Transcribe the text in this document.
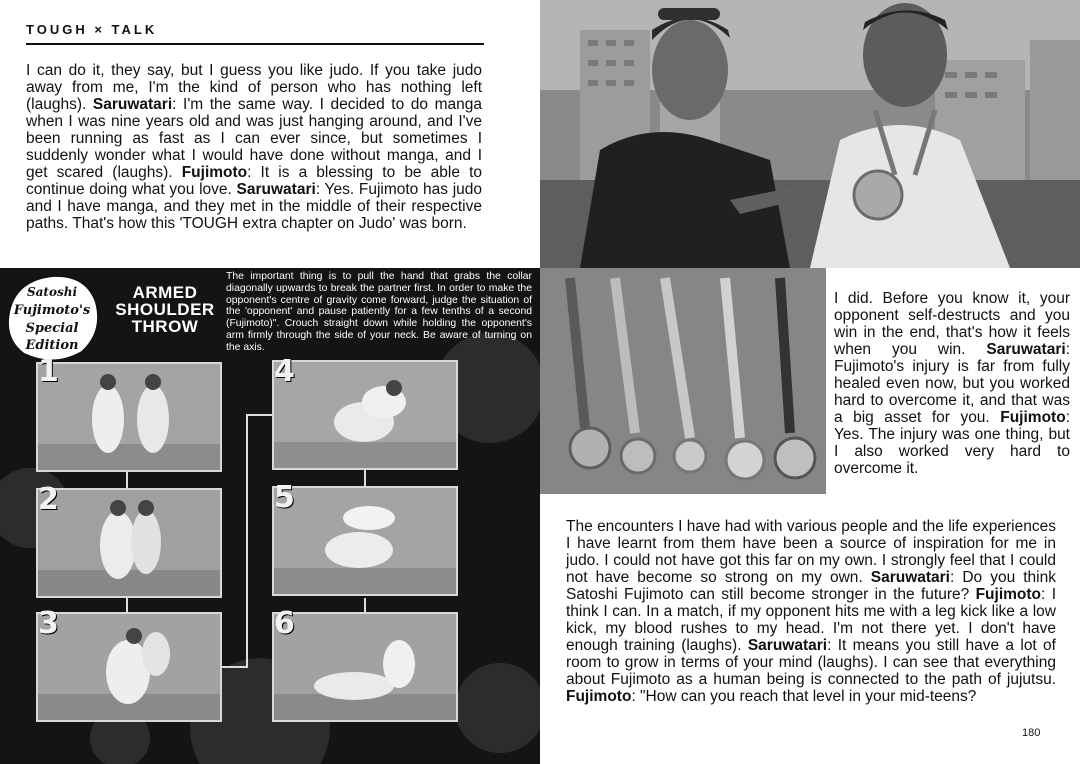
TOUGH × TALK
I can do it, they say, but I guess you like judo. If you take judo away from me, I'm the kind of person who has nothing left (laughs). Saruwatari: I'm the same way. I decided to do manga when I was nine years old and was just hanging around, and I've been running as fast as I can ever since, but sometimes I suddenly wonder what I would have done without manga, and I get scared (laughs). Fujimoto: It is a blessing to be able to continue doing what you love. Saruwatari: Yes. Fujimoto has judo and I have manga, and they met in the middle of their respective paths. That's how this 'TOUGH extra chapter on Judo' was born.
I did. Before you know it, your opponent self-destructs and you win in the end, that's how it feels when you win. Saruwatari: Fujimoto's injury is far from fully healed even now, but you worked hard to overcome it, and that was a big asset for you. Fujimoto: Yes. The injury was one thing, but I also worked very hard to overcome it.
The encounters I have had with various people and the life experiences I have learnt from them have been a source of inspiration for me in judo. I could not have got this far on my own. I strongly feel that I could not have become so strong on my own. Saruwatari: Do you think Satoshi Fujimoto can still become stronger in the future? Fujimoto: I think I can. In a match, if my opponent hits me with a leg kick like a low kick, my blood rushes to my head. I'm not there yet. I don't have enough training (laughs). Saruwatari: It means you still have a lot of room to grow in terms of your mind (laughs). I can see that everything about Fujimoto as a human being is connected to the path of jujutsu. Fujimoto: "How can you reach that level in your mid-teens?
180
Satoshi
Fujimoto's
Special
Edition
ARMED
SHOULDER
THROW
The important thing is to pull the hand that grabs the collar diagonally upwards to break the partner first. In order to make the opponent's centre of gravity come forward, judge the situation of the 'opponent' and pause patiently for a few tenths of a second (Fujimoto)". Crouch straight down while holding the opponent's arm firmly through the side of your neck. Be aware of turning on the axis.
1
2
3
4
5
6
